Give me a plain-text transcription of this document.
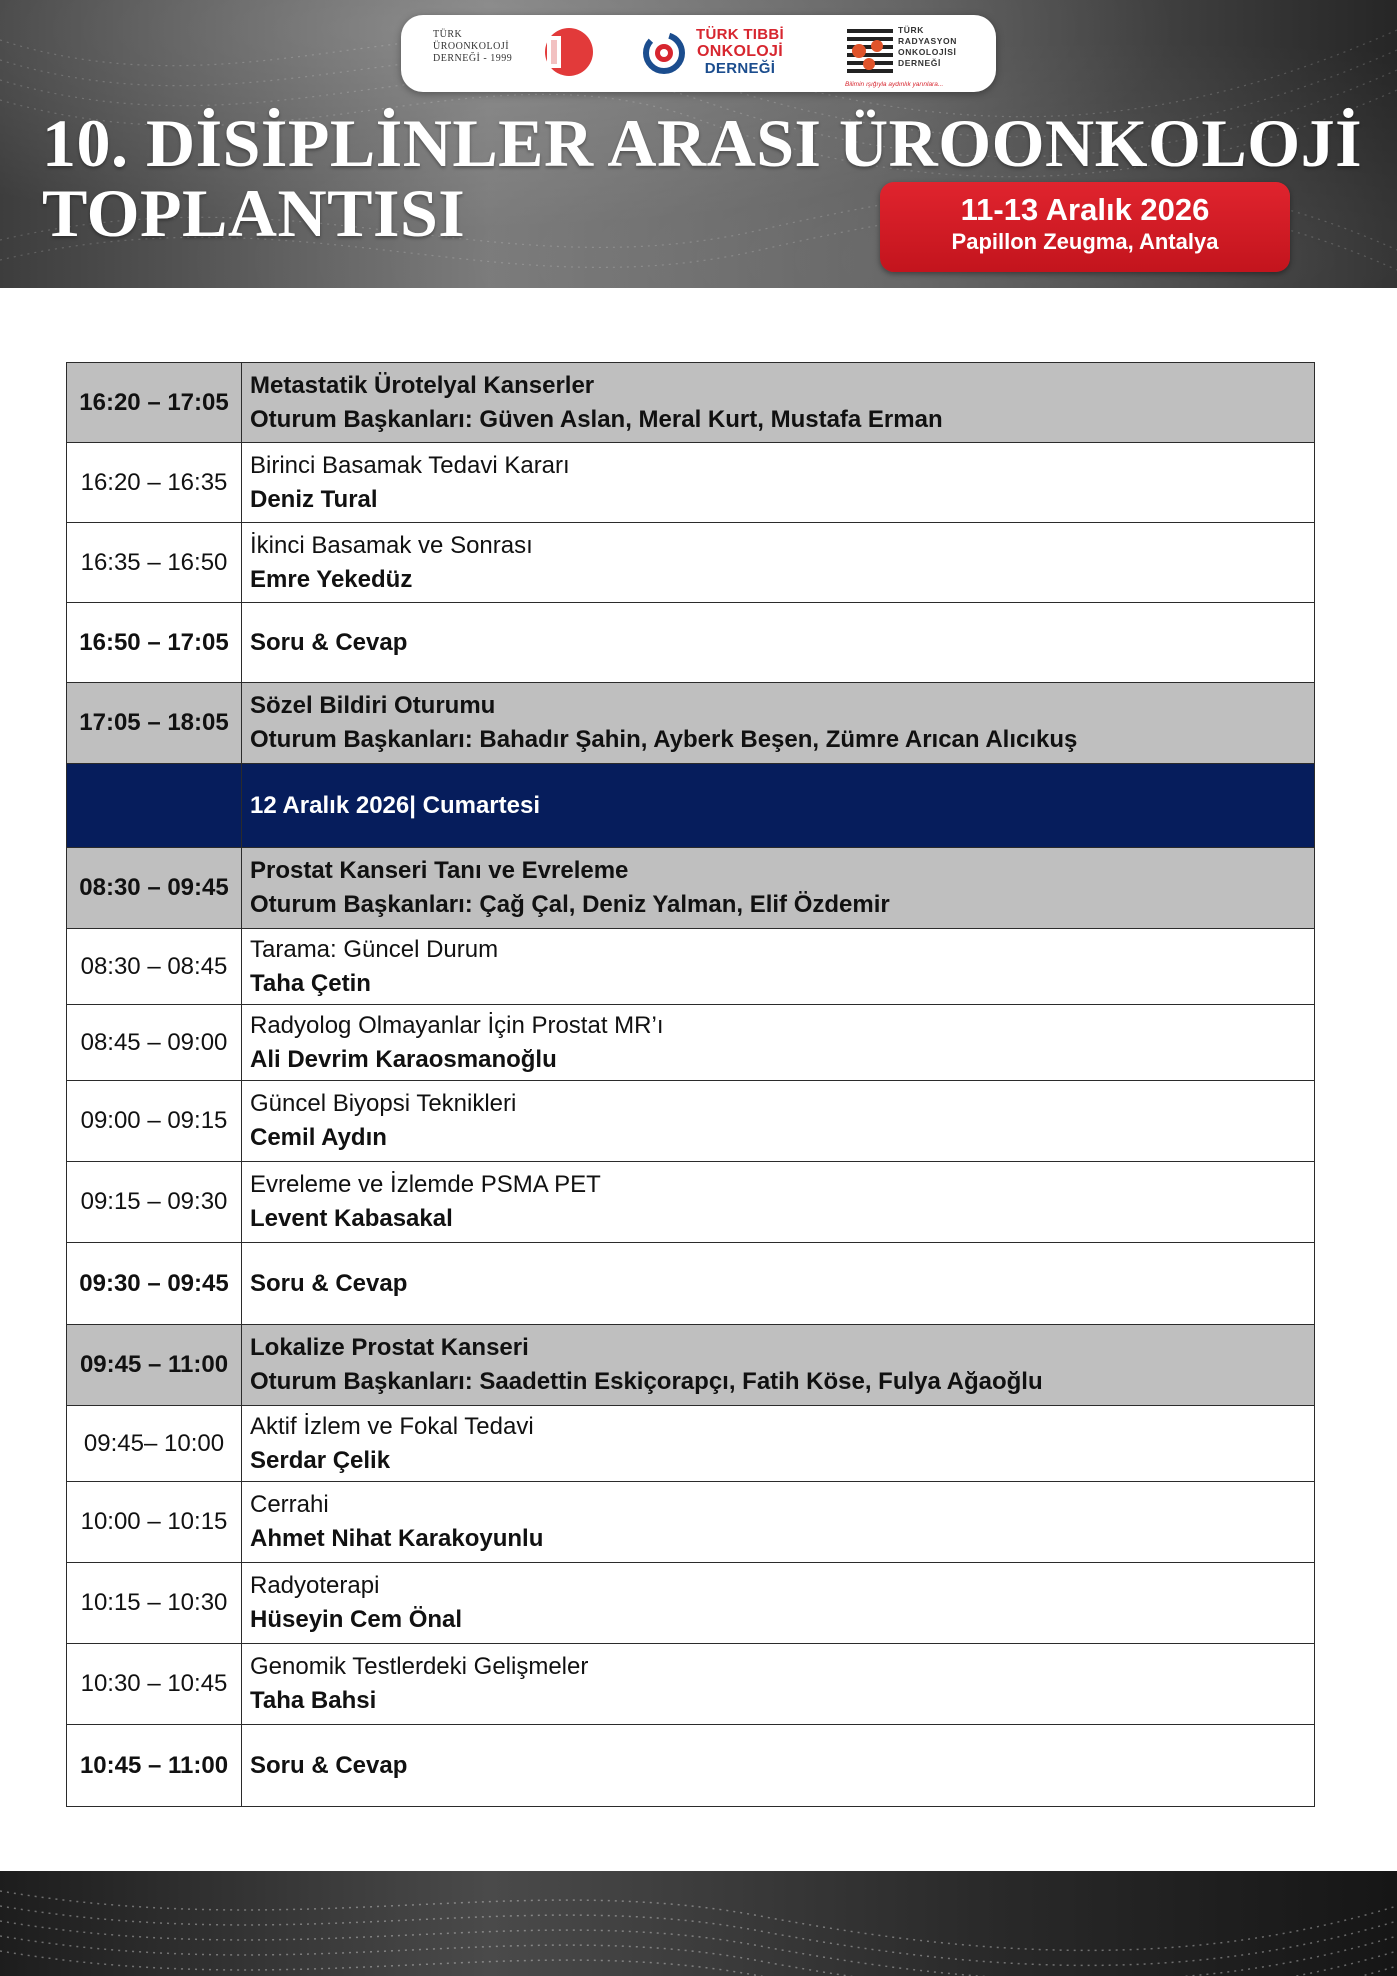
TÜRK
ÜROONKOLOJİ
DERNEĞİ - 1999
TÜRK TIBBİ
ONKOLOJİ
DERNEĞİ
TÜRK
RADYASYON
ONKOLOJİSİ
DERNEĞİ
Bilimin ışığıyla aydınlık yarınlara...
10. DİSİPLİNLER ARASI ÜROONKOLOJİ
TOPLANTISI	11-13 Aralık 2026
Papillon Zeugma, Antalya
16:20 – 17:05	Metastatik Ürotelyal Kanserler
Oturum Başkanları: Güven Aslan, Meral Kurt, Mustafa Erman

16:20 – 16:35	Birinci Basamak Tedavi Kararı
Deniz Tural

16:35 – 16:50	İkinci Basamak ve Sonrası
Emre Yekedüz

16:50 – 17:05	Soru & Cevap

17:05 – 18:05	Sözel Bildiri Oturumu
Oturum Başkanları: Bahadır Şahin, Ayberk Beşen, Zümre Arıcan Alıcıkuş

	12 Aralık 2026| Cumartesi

08:30 – 09:45	Prostat Kanseri Tanı ve Evreleme
Oturum Başkanları: Çağ Çal, Deniz Yalman, Elif Özdemir

08:30 – 08:45	Tarama: Güncel Durum
Taha Çetin

08:45 – 09:00	Radyolog Olmayanlar İçin Prostat MR’ı
Ali Devrim Karaosmanoğlu

09:00 – 09:15	Güncel Biyopsi Teknikleri
Cemil Aydın

09:15 – 09:30	Evreleme ve İzlemde PSMA PET
Levent Kabasakal

09:30 – 09:45	Soru & Cevap

09:45 – 11:00	Lokalize Prostat Kanseri
Oturum Başkanları: Saadettin Eskiçorapçı, Fatih Köse, Fulya Ağaoğlu

09:45– 10:00	Aktif İzlem ve Fokal Tedavi
Serdar Çelik

10:00 – 10:15	Cerrahi
Ahmet Nihat Karakoyunlu

10:15 – 10:30	Radyoterapi
Hüseyin Cem Önal

10:30 – 10:45	Genomik Testlerdeki Gelişmeler
Taha Bahsi

10:45 – 11:00	Soru & Cevap
